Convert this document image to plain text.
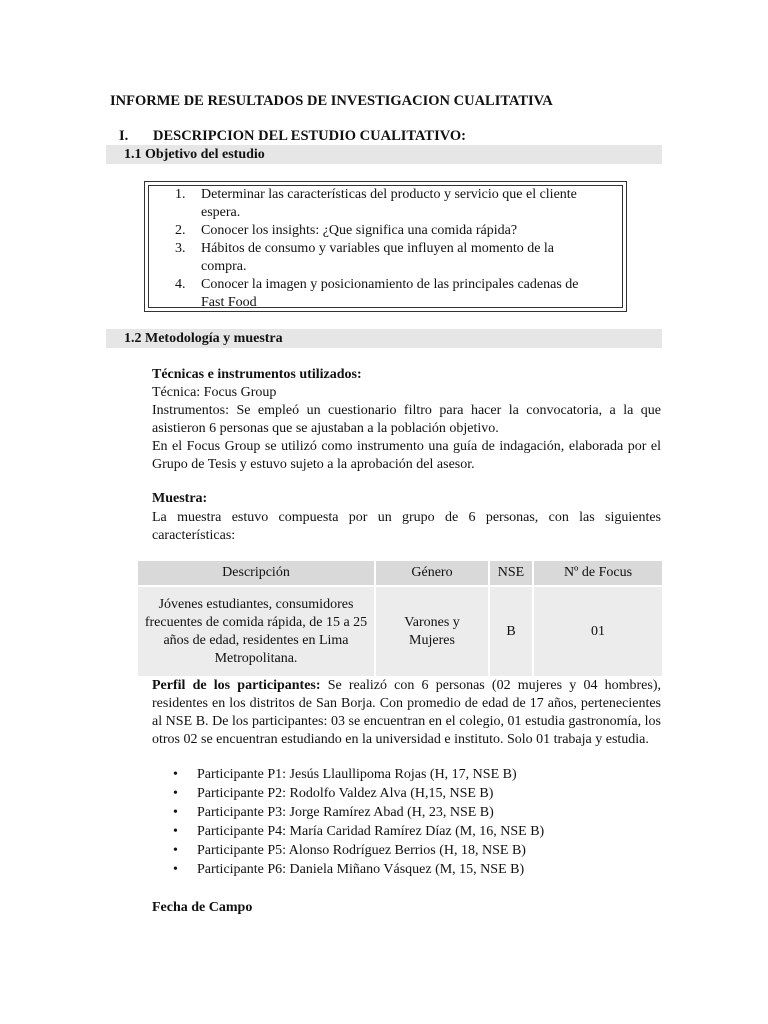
INFORME DE RESULTADOS DE INVESTIGACION CUALITATIVA
I. DESCRIPCION DEL ESTUDIO CUALITATIVO:
1.1 Objetivo del estudio
1. Determinar las características del producto y servicio que el cliente
espera.
2. Conocer los insights: ¿Que significa una comida rápida?
3. Hábitos de consumo y variables que influyen al momento de la
compra.
4. Conocer la imagen y posicionamiento de las principales cadenas de
Fast Food
1.2 Metodología y muestra
Técnicas e instrumentos utilizados:
Técnica: Focus Group
Instrumentos: Se empleó un cuestionario filtro para hacer la convocatoria, a la que asistieron 6 personas que se ajustaban a la población objetivo.
En el Focus Group se utilizó como instrumento una guía de indagación, elaborada por el Grupo de Tesis y estuvo sujeto a la aprobación del asesor.
Muestra:
La muestra estuvo compuesta por un grupo de 6 personas, con las siguientes características:
Descripción	Género	NSE	Nº de Focus
Jóvenes estudiantes, consumidores frecuentes de comida rápida, de 15 a 25 años de edad, residentes en Lima Metropolitana.	Varones y Mujeres	B	01
Perfil de los participantes: Se realizó con 6 personas (02 mujeres y 04 hombres), residentes en los distritos de San Borja. Con promedio de edad de 17 años, pertenecientes al NSE B. De los participantes: 03 se encuentran en el colegio, 01 estudia gastronomía, los otros 02 se encuentran estudiando en la universidad e instituto. Solo 01 trabaja y estudia.
• Participante P1: Jesús Llaullipoma Rojas (H, 17, NSE B)
• Participante P2: Rodolfo Valdez Alva (H,15, NSE B)
• Participante P3: Jorge Ramírez Abad (H, 23, NSE B)
• Participante P4: María Caridad Ramírez Díaz (M, 16, NSE B)
• Participante P5: Alonso Rodríguez Berrios (H, 18, NSE B)
• Participante P6: Daniela Miñano Vásquez (M, 15, NSE B)
Fecha de Campo
